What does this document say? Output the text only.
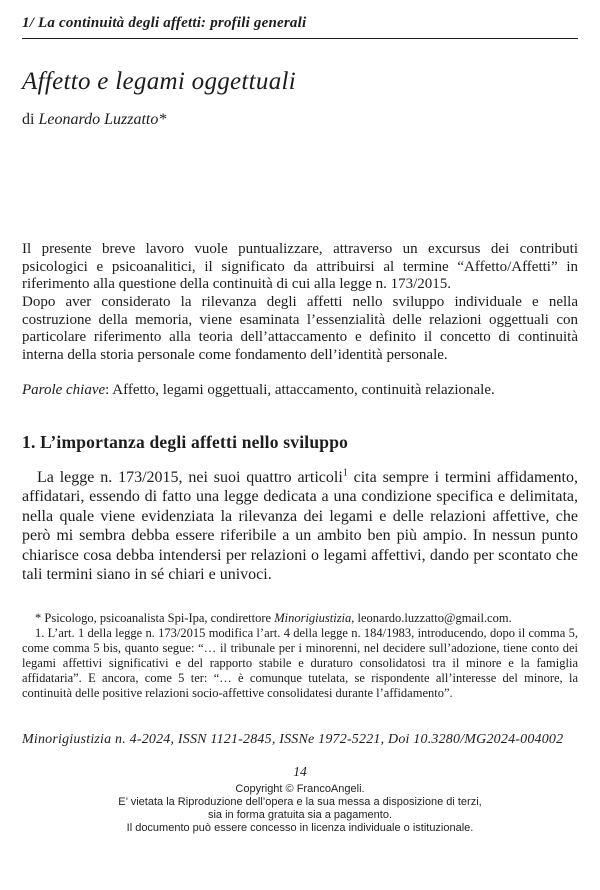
1/ La continuità degli affetti: profili generali
Affetto e legami oggettuali
di Leonardo Luzzatto*
Il presente breve lavoro vuole puntualizzare, attraverso un excursus dei contributi psicologici e psicoanalitici, il significato da attribuirsi al termine “Affetto/Affetti” in riferimento alla questione della continuità di cui alla legge n. 173/2015.
Dopo aver considerato la rilevanza degli affetti nello sviluppo individuale e nella costruzione della memoria, viene esaminata l’essenzialità delle relazioni oggettuali con particolare riferimento alla teoria dell’attaccamento e definito il concetto di continuità interna della storia personale come fondamento dell’identità personale.
Parole chiave: Affetto, legami oggettuali, attaccamento, continuità relazionale.
1. L’importanza degli affetti nello sviluppo

La legge n. 173/2015, nei suoi quattro articoli$^1$ cita sempre i termini affidamento, affidatari, essendo di fatto una legge dedicata a una condizione specifica e delimitata, nella quale viene evidenziata la rilevanza dei legami e delle relazioni affettive, che però mi sembra debba essere riferibile a un ambito ben più ampio. In nessun punto chiarisce cosa debba intendersi per relazioni o legami affettivi, dando per scontato che tali termini siano in sé chiari e univoci.

* Psicologo, psicoanalista Spi-Ipa, condirettore Minorigiustizia, leonardo.luzzatto@gmail.com.
1. L’art. 1 della legge n. 173/2015 modifica l’art. 4 della legge n. 184/1983, introducendo, dopo il comma 5, come comma 5 bis, quanto segue: “… il tribunale per i minorenni, nel decidere sull’adozione, tiene conto dei legami affettivi significativi e del rapporto stabile e duraturo consolidatosi tra il minore e la famiglia affidataria”. E ancora, come 5 ter: “… è comunque tutelata, se rispondente all’interesse del minore, la continuità delle positive relazioni socio-affettive consolidatesi durante l’affidamento”.
Minorigiustizia n. 4-2024, ISSN 1121-2845, ISSNe 1972-5221, Doi 10.3280/MG2024-004002
14
Copyright © FrancoAngeli.
E’ vietata la Riproduzione dell’opera e la sua messa a disposizione di terzi,
sia in forma gratuita sia a pagamento.
Il documento può essere concesso in licenza individuale o istituzionale.
